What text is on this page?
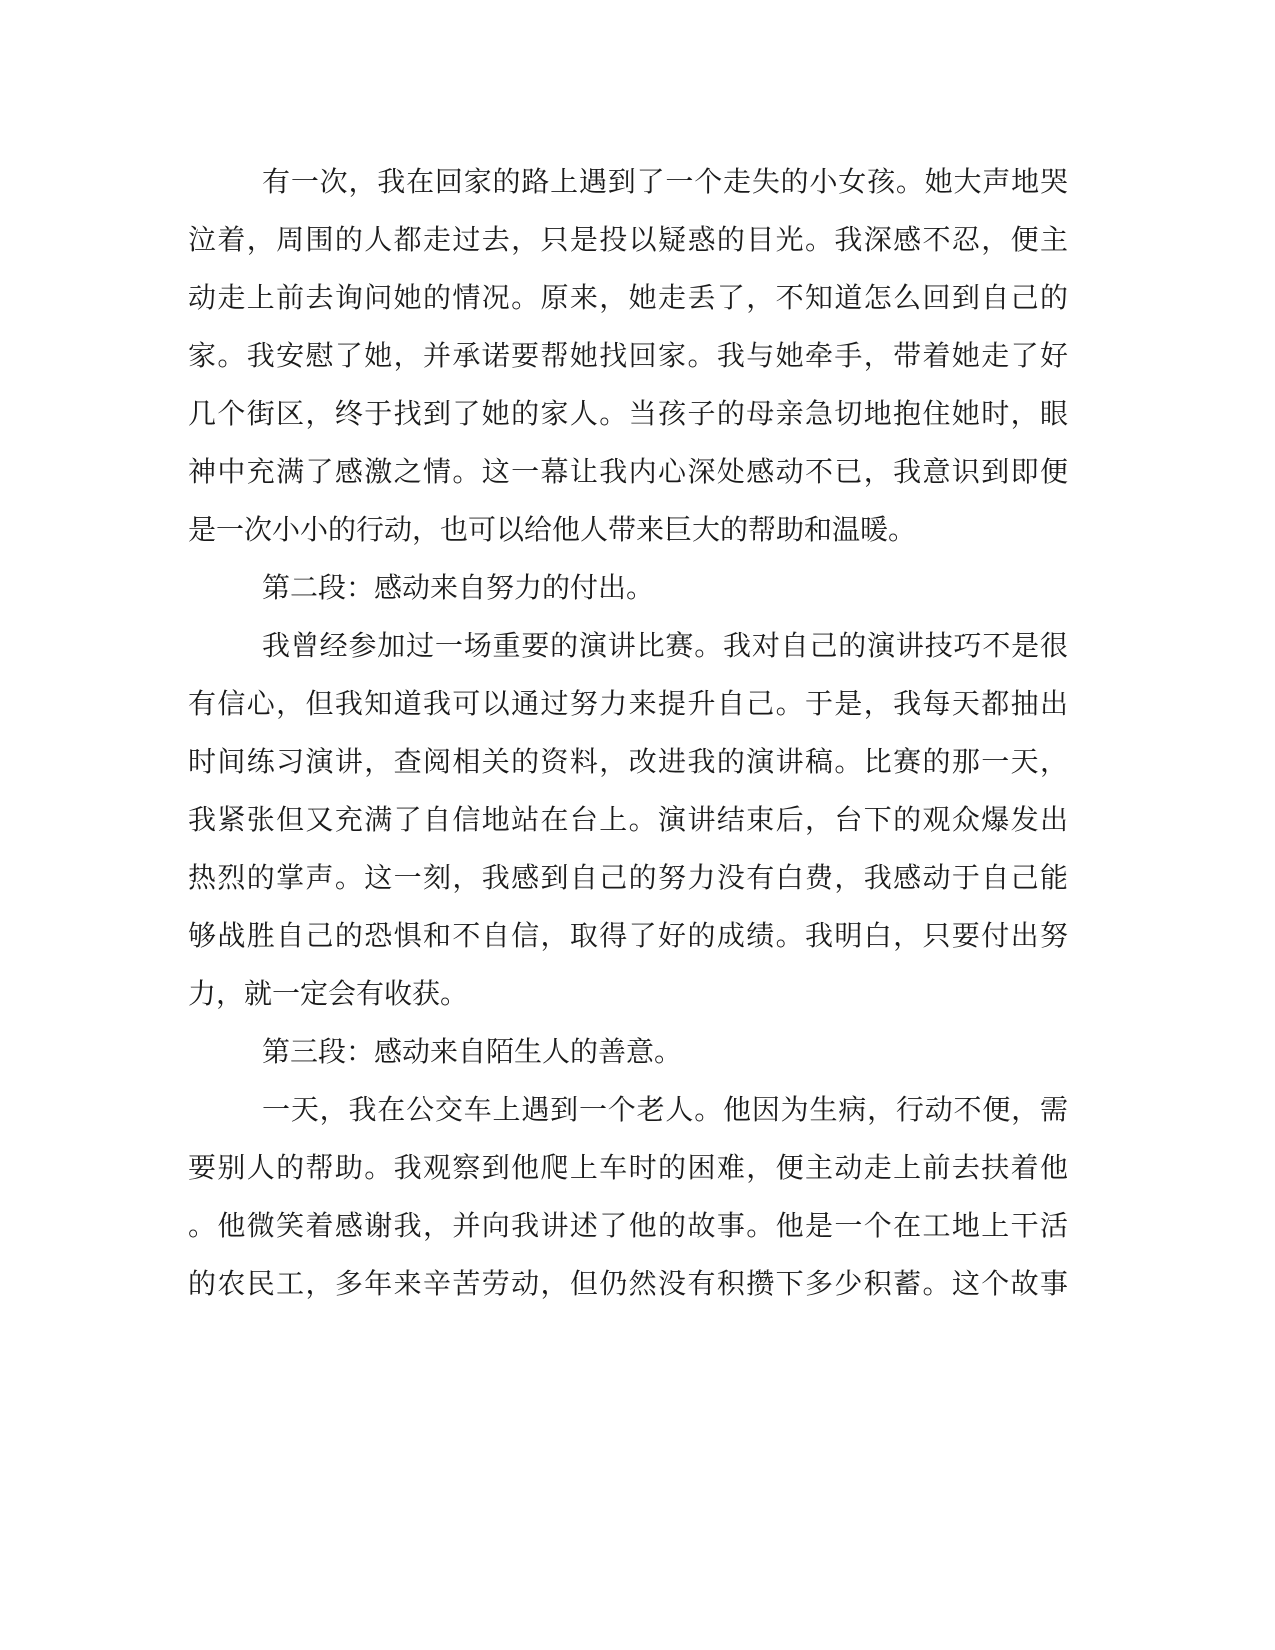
有一次，我在回家的路上遇到了一个走失的小女孩。她大声地哭
泣着，周围的人都走过去，只是投以疑惑的目光。我深感不忍，便主
动走上前去询问她的情况。原来，她走丢了，不知道怎么回到自己的
家。我安慰了她，并承诺要帮她找回家。我与她牵手，带着她走了好
几个街区，终于找到了她的家人。当孩子的母亲急切地抱住她时，眼
神中充满了感激之情。这一幕让我内心深处感动不已，我意识到即便
是一次小小的行动，也可以给他人带来巨大的帮助和温暖。
第二段：感动来自努力的付出。
我曾经参加过一场重要的演讲比赛。我对自己的演讲技巧不是很
有信心，但我知道我可以通过努力来提升自己。于是，我每天都抽出
时间练习演讲，查阅相关的资料，改进我的演讲稿。比赛的那一天，
我紧张但又充满了自信地站在台上。演讲结束后，台下的观众爆发出
热烈的掌声。这一刻，我感到自己的努力没有白费，我感动于自己能
够战胜自己的恐惧和不自信，取得了好的成绩。我明白，只要付出努
力，就一定会有收获。
第三段：感动来自陌生人的善意。
一天，我在公交车上遇到一个老人。他因为生病，行动不便，需
要别人的帮助。我观察到他爬上车时的困难，便主动走上前去扶着他
。他微笑着感谢我，并向我讲述了他的故事。他是一个在工地上干活
的农民工，多年来辛苦劳动，但仍然没有积攒下多少积蓄。这个故事
